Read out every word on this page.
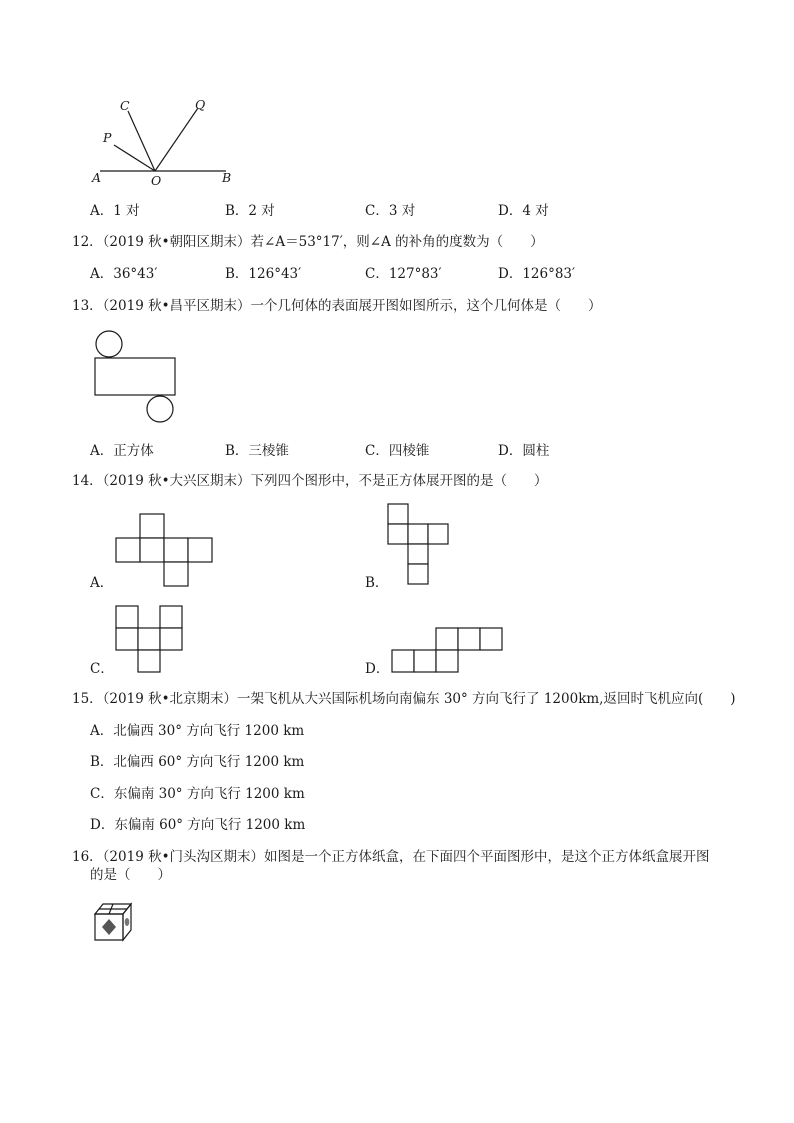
C	Q
P
A	O	B
A．1 对	B．2 对	C．3 对	D．4 对
12．（2019 秋•朝阳区期末）若∠A＝53°17′，则∠A 的补角的度数为（　　）
A．36°43′	B．126°43′	C．127°83′	D．126°83′
13．（2019 秋•昌平区期末）一个几何体的表面展开图如图所示，这个几何体是（　　）
A．正方体	B．三棱锥	C．四棱锥	D．圆柱
14．（2019 秋•大兴区期末）下列四个图形中，不是正方体展开图的是（　　）
A．	B．
C．	D．
15．（2019 秋•北京期末）一架飞机从大兴国际机场向南偏东 30° 方向飞行了 1200km,返回时飞机应向(　　)
A．北偏西 30° 方向飞行 1200 km
B．北偏西 60° 方向飞行 1200 km
C．东偏南 30° 方向飞行 1200 km
D．东偏南 60° 方向飞行 1200 km
16．（2019 秋•门头沟区期末）如图是一个正方体纸盒，在下面四个平面图形中，是这个正方体纸盒展开图
的是（　　）
